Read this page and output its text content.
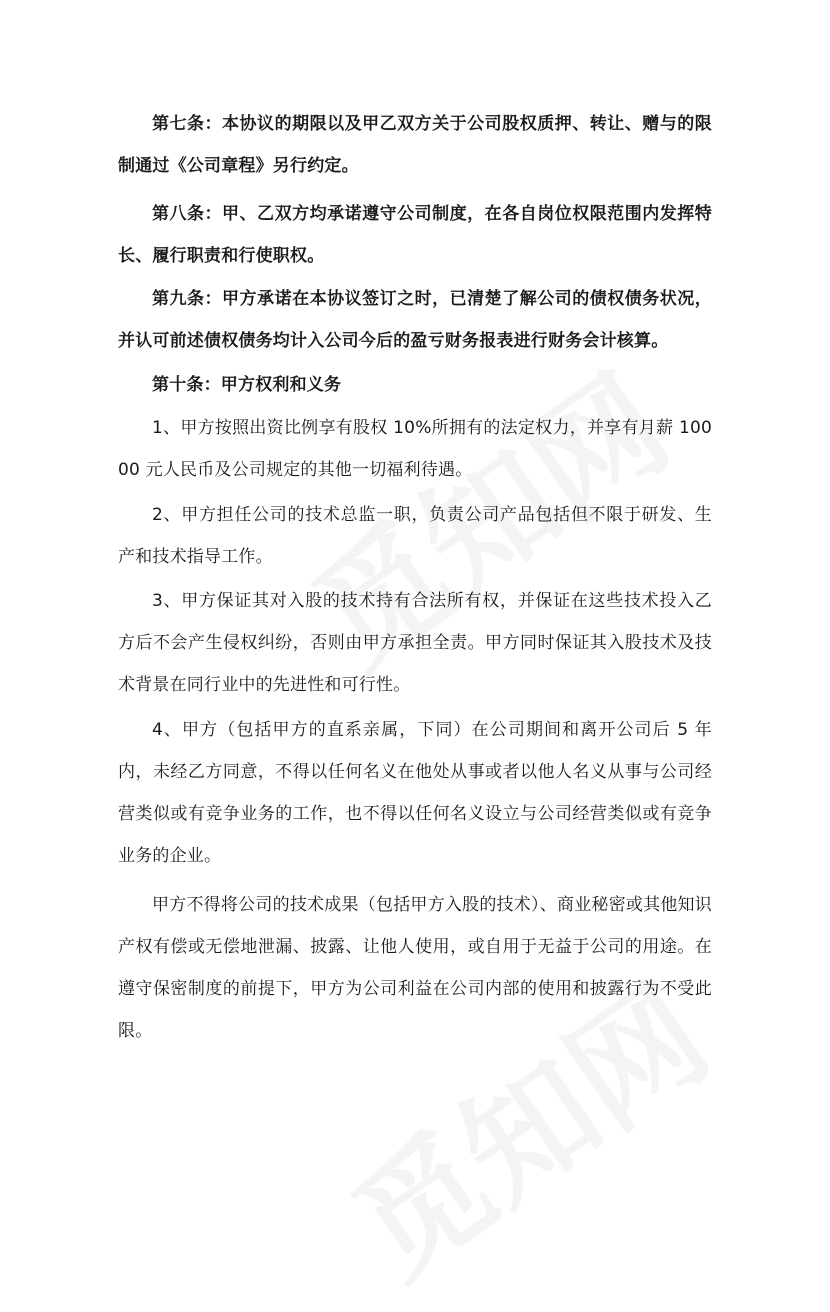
第七条：本协议的期限以及甲乙双方关于公司股权质押、转让、赠与的限制通过《公司章程》另行约定。

第八条：甲、乙双方均承诺遵守公司制度，在各自岗位权限范围内发挥特长、履行职责和行使职权。

第九条：甲方承诺在本协议签订之时，已清楚了解公司的债权债务状况，并认可前述债权债务均计入公司今后的盈亏财务报表进行财务会计核算。

第十条：甲方权利和义务

1、甲方按照出资比例享有股权 10%所拥有的法定权力，并享有月薪 10000 元人民币及公司规定的其他一切福利待遇。

2、甲方担任公司的技术总监一职，负责公司产品包括但不限于研发、生产和技术指导工作。

3、甲方保证其对入股的技术持有合法所有权，并保证在这些技术投入乙方后不会产生侵权纠纷，否则由甲方承担全责。甲方同时保证其入股技术及技术背景在同行业中的先进性和可行性。

4、甲方（包括甲方的直系亲属，下同）在公司期间和离开公司后 5 年内，未经乙方同意，不得以任何名义在他处从事或者以他人名义从事与公司经营类似或有竞争业务的工作，也不得以任何名义设立与公司经营类似或有竞争业务的企业。

甲方不得将公司的技术成果（包括甲方入股的技术）、商业秘密或其他知识产权有偿或无偿地泄漏、披露、让他人使用，或自用于无益于公司的用途。在遵守保密制度的前提下，甲方为公司利益在公司内部的使用和披露行为不受此限。
